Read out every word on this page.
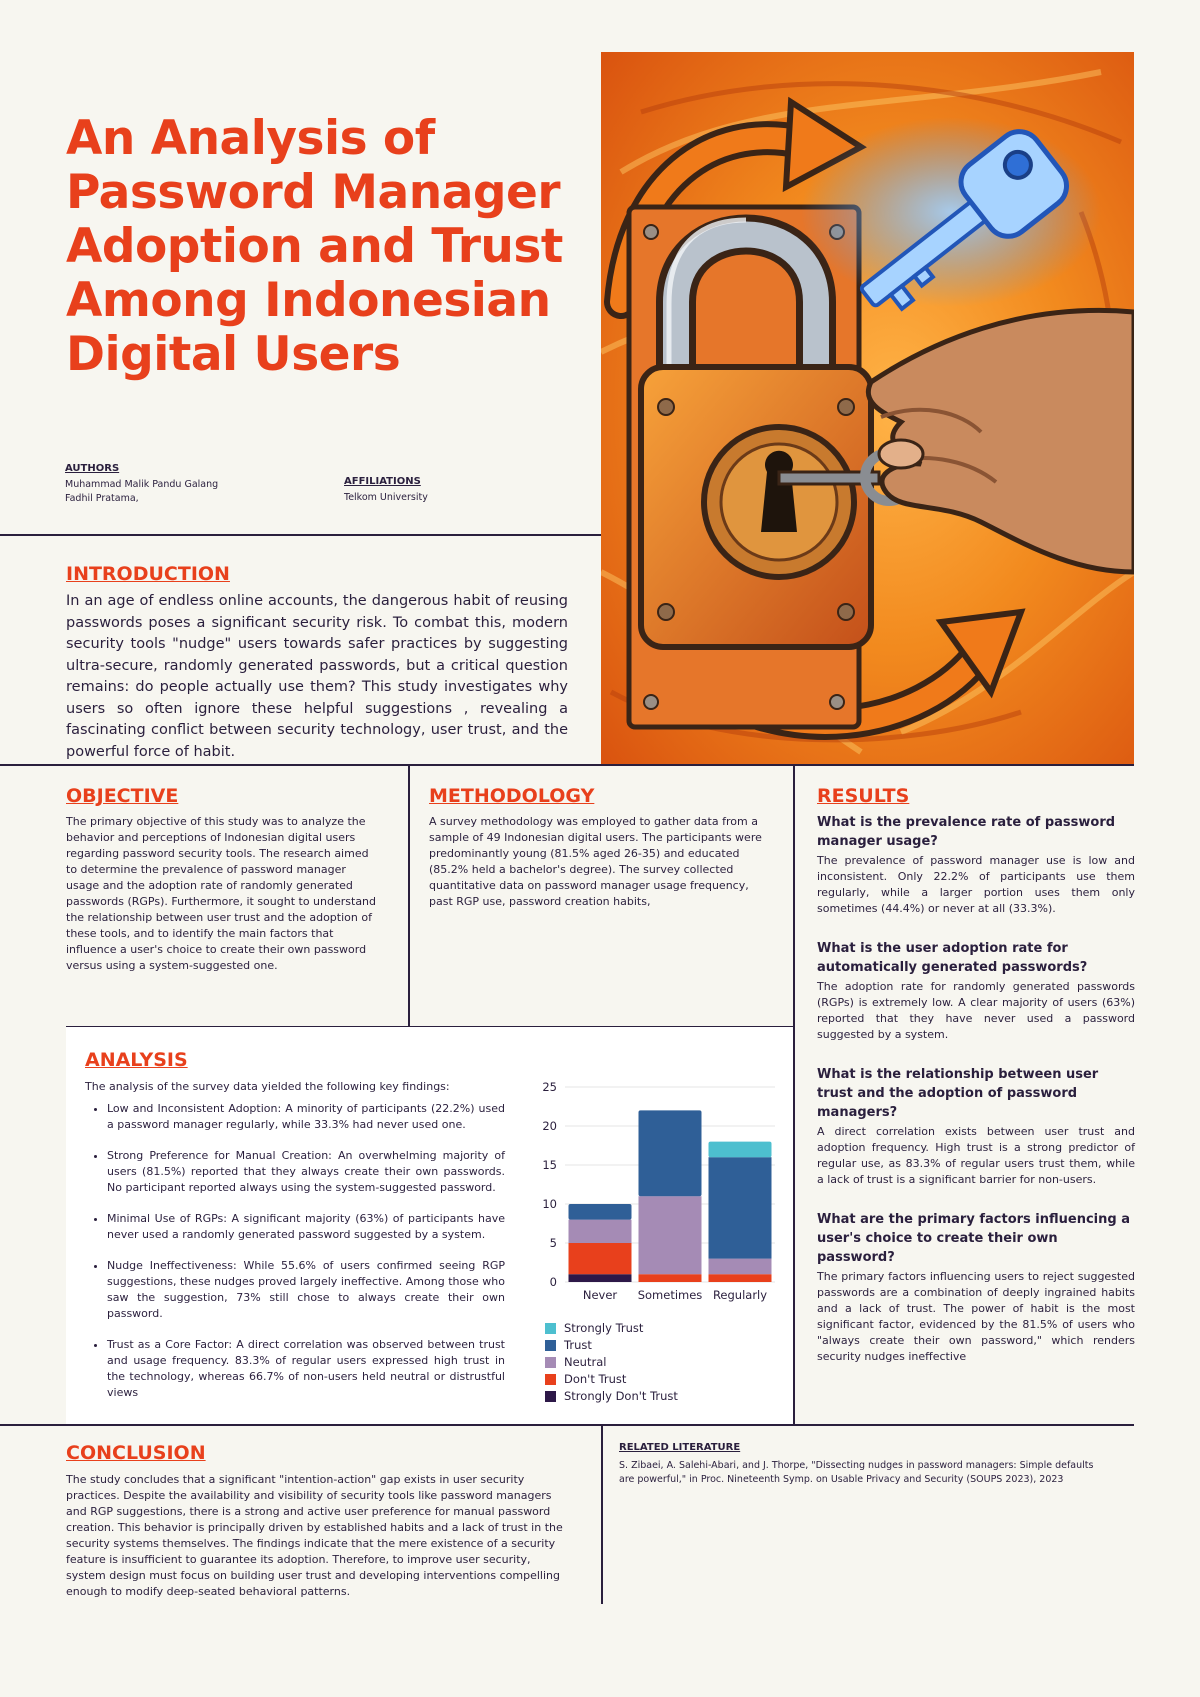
An Analysis of Password Manager Adoption and Trust Among Indonesian Digital Users
AUTHORS
Muhammad Malik Pandu Galang
Fadhil Pratama,
AFFILIATIONS
Telkom University
INTRODUCTION

In an age of endless online accounts, the dangerous habit of reusing passwords poses a significant security risk. To combat this, modern security tools "nudge" users towards safer practices by suggesting ultra-secure, randomly generated passwords, but a critical question remains: do people actually use them? This study investigates why users so often ignore these helpful suggestions , revealing a fascinating conflict between security technology, user trust, and the powerful force of habit.

OBJECTIVE

The primary objective of this study was to analyze the behavior and perceptions of Indonesian digital users regarding password security tools. The research aimed to determine the prevalence of password manager usage and the adoption rate of randomly generated passwords (RGPs). Furthermore, it sought to understand the relationship between user trust and the adoption of these tools, and to identify the main factors that influence a user's choice to create their own password versus using a system-suggested one.

METHODOLOGY

A survey methodology was employed to gather data from a sample of 49 Indonesian digital users. The participants were predominantly young (81.5% aged 26-35) and educated (85.2% held a bachelor's degree). The survey collected quantitative data on password manager usage frequency, past RGP use, password creation habits,

RESULTS

What is the prevalence rate of password manager usage?

The prevalence of password manager use is low and inconsistent. Only 22.2% of participants use them regularly, while a larger portion uses them only sometimes (44.4%) or never at all (33.3%).

What is the user adoption rate for automatically generated passwords?

The adoption rate for randomly generated passwords (RGPs) is extremely low. A clear majority of users (63%) reported that they have never used a password suggested by a system.

What is the relationship between user trust and the adoption of password managers?

A direct correlation exists between user trust and adoption frequency. High trust is a strong predictor of regular use, as 83.3% of regular users trust them, while a lack of trust is a significant barrier for non-users.

What are the primary factors influencing a user's choice to create their own password?

The primary factors influencing users to reject suggested passwords are a combination of deeply ingrained habits and a lack of trust. The power of habit is the most significant factor, evidenced by the 81.5% of users who "always create their own password," which renders security nudges ineffective

ANALYSIS

The analysis of the survey data yielded the following key findings:

• Low and Inconsistent Adoption: A minority of participants (22.2%) used a password manager regularly, while 33.3% had never used one.
• Strong Preference for Manual Creation: An overwhelming majority of users (81.5%) reported that they always create their own passwords. No participant reported always using the system-suggested password.
• Minimal Use of RGPs: A significant majority (63%) of participants have never used a randomly generated password suggested by a system.
• Nudge Ineffectiveness: While 55.6% of users confirmed seeing RGP suggestions, these nudges proved largely ineffective. Among those who saw the suggestion, 73% still chose to always create their own password.
• Trust as a Core Factor: A direct correlation was observed between trust and usage frequency. 83.3% of regular users expressed high trust in the technology, whereas 66.7% of non-users held neutral or distrustful views
0
5
10
15
20
25
Never Sometimes Regularly
Strongly Trust
Trust
Neutral
Don't Trust
Strongly Don't Trust
CONCLUSION

The study concludes that a significant "intention-action" gap exists in user security practices. Despite the availability and visibility of security tools like password managers and RGP suggestions, there is a strong and active user preference for manual password creation. This behavior is principally driven by established habits and a lack of trust in the security systems themselves. The findings indicate that the mere existence of a security feature is insufficient to guarantee its adoption. Therefore, to improve user security, system design must focus on building user trust and developing interventions compelling enough to modify deep-seated behavioral patterns.

RELATED LITERATURE

S. Zibaei, A. Salehi-Abari, and J. Thorpe, "Dissecting nudges in password managers: Simple defaults are powerful," in Proc. Nineteenth Symp. on Usable Privacy and Security (SOUPS 2023), 2023
